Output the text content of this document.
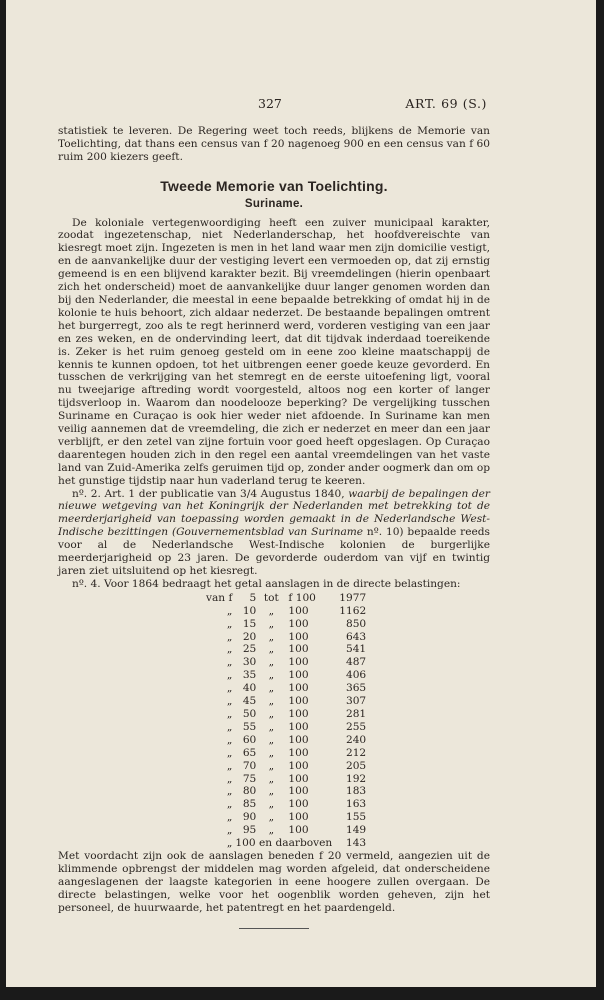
327	ART. 69 (S.)

statistiek te leveren. De Regering weet toch reeds, blijkens de Memorie van Toelichting, dat thans een census van f 20 nagenoeg 900 en een census van f 60 ruim 200 kiezers geeft.

Tweede Memorie van Toelichting.
Suriname.

De koloniale vertegenwoordiging heeft een zuiver municipaal karakter, zoodat ingezetenschap, niet Nederlanderschap, het hoofdvereischte van kiesregt moet zijn. Ingezeten is men in het land waar men zijn domicilie vestigt, en de aanvankelijke duur der vestiging levert een vermoeden op, dat zij ernstig gemeend is en een blijvend karakter bezit. Bij vreemdelingen (hierin openbaart zich het onderscheid) moet de aanvankelijke duur langer genomen worden dan bij den Nederlander, die meestal in eene bepaalde betrekking of omdat hij in de kolonie te huis behoort, zich aldaar nederzet. De bestaande bepalingen omtrent het burgerregt, zoo als te regt herinnerd werd, vorderen vestiging van een jaar en zes weken, en de ondervinding leert, dat dit tijdvak inderdaad toereikende is. Zeker is het ruim genoeg gesteld om in eene zoo kleine maatschappij de kennis te kunnen opdoen, tot het uitbrengen eener goede keuze gevorderd. En tusschen de verkrijging van het stemregt en de eerste uitoefening ligt, vooral nu tweejarige aftreding wordt voorgesteld, altoos nog een korter of langer tijdsverloop in. Waarom dan noodelooze beperking? De vergelijking tusschen Suriname en Curaçao is ook hier weder niet afdoende. In Suriname kan men veilig aannemen dat de vreemdeling, die zich er nederzet en meer dan een jaar verblijft, er den zetel van zijne fortuin voor goed heeft opgeslagen. Op Curaçao daarentegen houden zich in den regel een aantal vreemdelingen van het vaste land van Zuid-Amerika zelfs geruimen tijd op, zonder ander oogmerk dan om op het gunstige tijdstip naar hun vaderland terug te keeren.

nº. 2. Art. 1 der publicatie van 3/4 Augustus 1840, waarbij de bepalingen der nieuwe wetgeving van het Koningrijk der Nederlanden met betrekking tot de meerderjarigheid van toepassing worden gemaakt in de Nederlandsche West-Indische bezittingen (Gouvernementsblad van Suriname nº. 10) bepaalde reeds voor al de Nederlandsche West-Indische kolonien de burgerlijke meerderjarigheid op 23 jaren. De gevorderde ouderdom van vijf en twintig jaren ziet uitsluitend op het kiesregt.

nº. 4. Voor 1864 bedraagt het getal aanslagen in de directe belastingen:

van f	5	tot	f 100	1977
„	10	„	100	1162
„	15	„	100	850
„	20	„	100	643
„	25	„	100	541
„	30	„	100	487
„	35	„	100	406
„	40	„	100	365
„	45	„	100	307
„	50	„	100	281
„	55	„	100	255
„	60	„	100	240
„	65	„	100	212
„	70	„	100	205
„	75	„	100	192
„	80	„	100	183
„	85	„	100	163
„	90	„	100	155
„	95	„	100	149
„	100 en daarboven			143

Met voordacht zijn ook de aanslagen beneden f 20 vermeld, aangezien uit de klimmende opbrengst der middelen mag worden afgeleid, dat onderscheidene aangeslagenen der laagste kategorien in eene hoogere zullen overgaan. De directe belastingen, welke voor het oogenblik worden geheven, zijn het personeel, de huurwaarde, het patentregt en het paardengeld.
